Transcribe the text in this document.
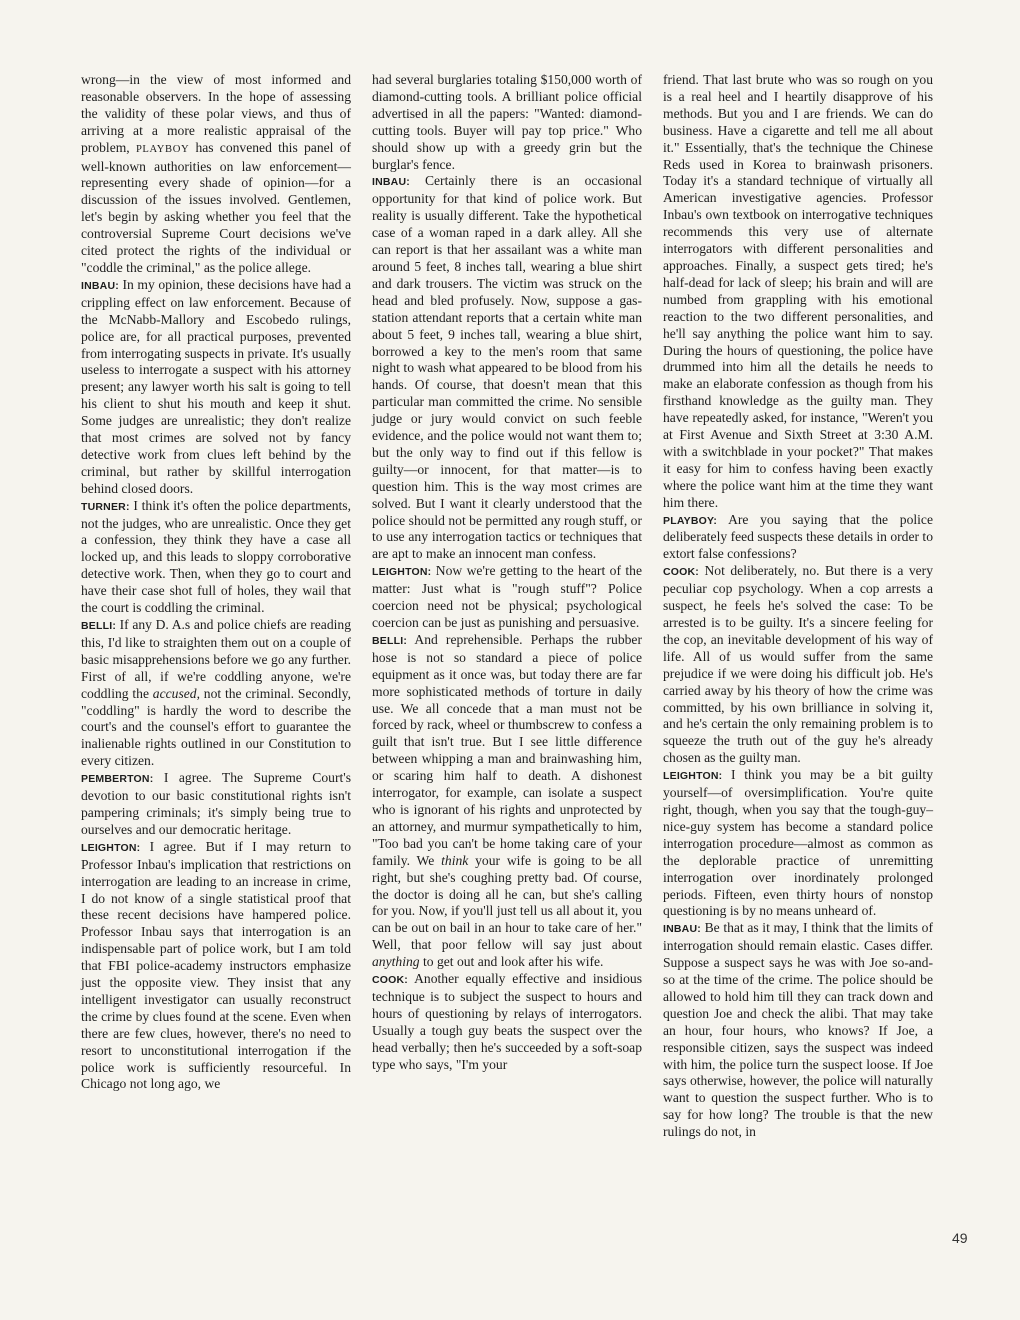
wrong—in the view of most informed and reasonable observers. In the hope of assessing the validity of these polar views, and thus of arriving at a more realistic appraisal of the problem, PLAYBOY has convened this panel of well-known authorities on law enforcement—representing every shade of opinion—for a discussion of the issues involved. Gentlemen, let's begin by asking whether you feel that the controversial Supreme Court decisions we've cited protect the rights of the individual or "coddle the criminal," as the police allege.

INBAU: In my opinion, these decisions have had a crippling effect on law enforcement. Because of the McNabb-Mallory and Escobedo rulings, police are, for all practical purposes, prevented from interrogating suspects in private. It's usually useless to interrogate a suspect with his attorney present; any lawyer worth his salt is going to tell his client to shut his mouth and keep it shut. Some judges are unrealistic; they don't realize that most crimes are solved not by fancy detective work from clues left behind by the criminal, but rather by skillful interrogation behind closed doors.

TURNER: I think it's often the police departments, not the judges, who are unrealistic. Once they get a confession, they think they have a case all locked up, and this leads to sloppy corroborative detective work. Then, when they go to court and have their case shot full of holes, they wail that the court is coddling the criminal.

BELLI: If any D. A.s and police chiefs are reading this, I'd like to straighten them out on a couple of basic misapprehensions before we go any further. First of all, if we're coddling anyone, we're coddling the accused, not the criminal. Secondly, "coddling" is hardly the word to describe the court's and the counsel's effort to guarantee the inalienable rights outlined in our Constitution to every citizen.

PEMBERTON: I agree. The Supreme Court's devotion to our basic constitutional rights isn't pampering criminals; it's simply being true to ourselves and our democratic heritage.

LEIGHTON: I agree. But if I may return to Professor Inbau's implication that restrictions on interrogation are leading to an increase in crime, I do not know of a single statistical proof that these recent decisions have hampered police. Professor Inbau says that interrogation is an indispensable part of police work, but I am told that FBI police-academy instructors emphasize just the opposite view. They insist that any intelligent investigator can usually reconstruct the crime by clues found at the scene. Even when there are few clues, however, there's no need to resort to unconstitutional interrogation if the police work is sufficiently resourceful. In Chicago not long ago, we

had several burglaries totaling $150,000 worth of diamond-cutting tools. A brilliant police official advertised in all the papers: "Wanted: diamond-cutting tools. Buyer will pay top price." Who should show up with a greedy grin but the burglar's fence.

INBAU: Certainly there is an occasional opportunity for that kind of police work. But reality is usually different. Take the hypothetical case of a woman raped in a dark alley. All she can report is that her assailant was a white man around 5 feet, 8 inches tall, wearing a blue shirt and dark trousers. The victim was struck on the head and bled profusely. Now, suppose a gas-station attendant reports that a certain white man about 5 feet, 9 inches tall, wearing a blue shirt, borrowed a key to the men's room that same night to wash what appeared to be blood from his hands. Of course, that doesn't mean that this particular man committed the crime. No sensible judge or jury would convict on such feeble evidence, and the police would not want them to; but the only way to find out if this fellow is guilty—or innocent, for that matter—is to question him. This is the way most crimes are solved. But I want it clearly understood that the police should not be permitted any rough stuff, or to use any interrogation tactics or techniques that are apt to make an innocent man confess.

LEIGHTON: Now we're getting to the heart of the matter: Just what is "rough stuff"? Police coercion need not be physical; psychological coercion can be just as punishing and persuasive.

BELLI: And reprehensible. Perhaps the rubber hose is not so standard a piece of police equipment as it once was, but today there are far more sophisticated methods of torture in daily use. We all concede that a man must not be forced by rack, wheel or thumbscrew to confess a guilt that isn't true. But I see little difference between whipping a man and brainwashing him, or scaring him half to death. A dishonest interrogator, for example, can isolate a suspect who is ignorant of his rights and unprotected by an attorney, and murmur sympathetically to him, "Too bad you can't be home taking care of your family. We think your wife is going to be all right, but she's coughing pretty bad. Of course, the doctor is doing all he can, but she's calling for you. Now, if you'll just tell us all about it, you can be out on bail in an hour to take care of her." Well, that poor fellow will say just about anything to get out and look after his wife.

COOK: Another equally effective and insidious technique is to subject the suspect to hours and hours of questioning by relays of interrogators. Usually a tough guy beats the suspect over the head verbally; then he's succeeded by a soft-soap type who says, "I'm your

friend. That last brute who was so rough on you is a real heel and I heartily disapprove of his methods. But you and I are friends. We can do business. Have a cigarette and tell me all about it." Essentially, that's the technique the Chinese Reds used in Korea to brainwash prisoners. Today it's a standard technique of virtually all American investigative agencies. Professor Inbau's own textbook on interrogative techniques recommends this very use of alternate interrogators with different personalities and approaches. Finally, a suspect gets tired; he's half-dead for lack of sleep; his brain and will are numbed from grappling with his emotional reaction to the two different personalities, and he'll say anything the police want him to say. During the hours of questioning, the police have drummed into him all the details he needs to make an elaborate confession as though from his firsthand knowledge as the guilty man. They have repeatedly asked, for instance, "Weren't you at First Avenue and Sixth Street at 3:30 A.M. with a switchblade in your pocket?" That makes it easy for him to confess having been exactly where the police want him at the time they want him there.

PLAYBOY: Are you saying that the police deliberately feed suspects these details in order to extort false confessions?

COOK: Not deliberately, no. But there is a very peculiar cop psychology. When a cop arrests a suspect, he feels he's solved the case: To be arrested is to be guilty. It's a sincere feeling for the cop, an inevitable development of his way of life. All of us would suffer from the same prejudice if we were doing his difficult job. He's carried away by his theory of how the crime was committed, by his own brilliance in solving it, and he's certain the only remaining problem is to squeeze the truth out of the guy he's already chosen as the guilty man.

LEIGHTON: I think you may be a bit guilty yourself—of oversimplification. You're quite right, though, when you say that the tough-guy–nice-guy system has become a standard police interrogation procedure—almost as common as the deplorable practice of unremitting interrogation over inordinately prolonged periods. Fifteen, even thirty hours of nonstop questioning is by no means unheard of.

INBAU: Be that as it may, I think that the limits of interrogation should remain elastic. Cases differ. Suppose a suspect says he was with Joe so-and-so at the time of the crime. The police should be allowed to hold him till they can track down and question Joe and check the alibi. That may take an hour, four hours, who knows? If Joe, a responsible citizen, says the suspect was indeed with him, the police turn the suspect loose. If Joe says otherwise, however, the police will naturally want to question the suspect further. Who is to say for how long? The trouble is that the new rulings do not, in

49
